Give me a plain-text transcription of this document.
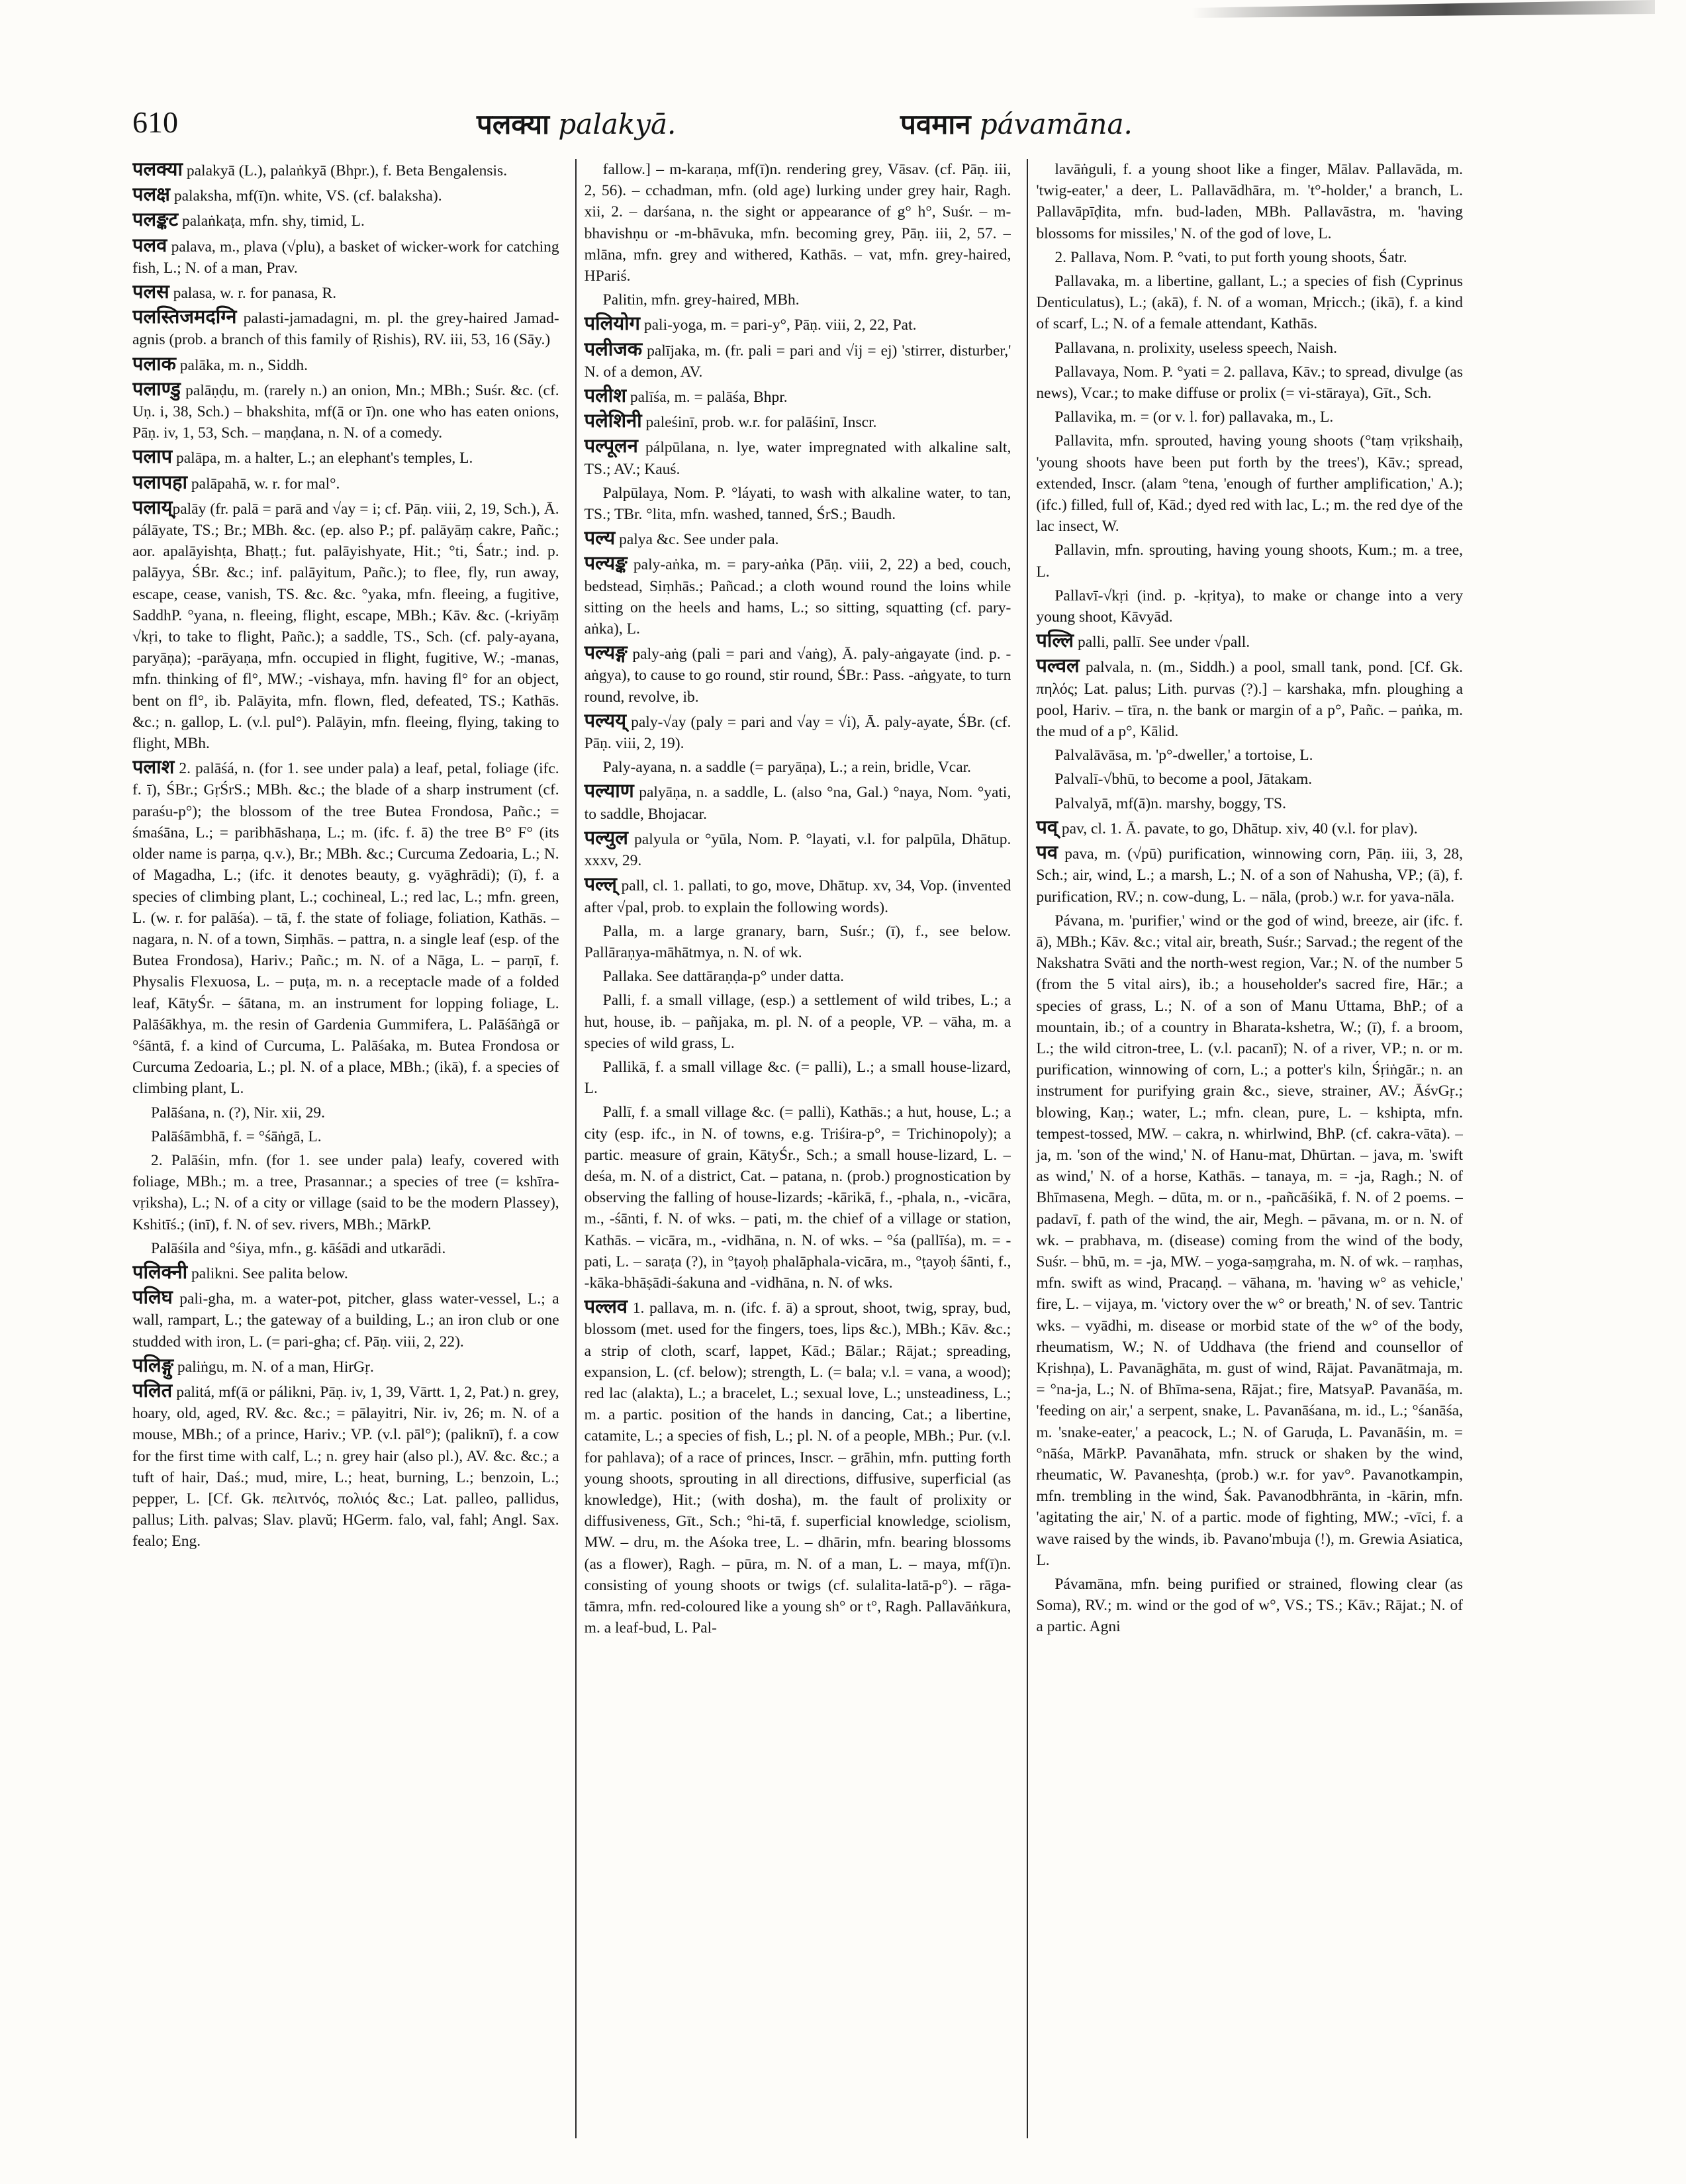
610	पलक्या palakyā.	पवमान pávamāna.

पलक्या palakyā (L.), palaṅkyā (Bhpr.), f. Beta Bengalensis.

पलक्ष palaksha, mf(ī)n. white, VS. (cf. balaksha).

पलङ्कट palaṅkaṭa, mfn. shy, timid, L.

पलव palava, m., plava (√plu), a basket of wicker-work for catching fish, L.; N. of a man, Prav.

पलस palasa, w. r. for panasa, R.

पलस्तिजमदग्नि palasti-jamadagni, m. pl. the grey-haired Jamad-agnis (prob. a branch of this family of Ṛishis), RV. iii, 53, 16 (Sāy.)

पलाक palāka, m. n., Siddh.

पलाण्डु palāṇḍu, m. (rarely n.) an onion, Mn.; MBh.; Suśr. &c. (cf. Uṇ. i, 38, Sch.) – bhakshita, mf(ā or ī)n. one who has eaten onions, Pāṇ. iv, 1, 53, Sch. – maṇḍana, n. N. of a comedy.

पलाप palāpa, m. a halter, L.; an elephant's temples, L.

पलापहा palāpahā, w. r. for mal°.

पलाय्palāy (fr. palā = parā and √ay = i; cf. Pāṇ. viii, 2, 19, Sch.), Ā. pálāyate, TS.; Br.; MBh. &c. (ep. also P.; pf. palāyāṃ cakre, Pañc.; aor. apalāyishṭa, Bhaṭṭ.; fut. palāyishyate, Hit.; °ti, Śatr.; ind. p. palāyya, ŚBr. &c.; inf. palāyitum, Pañc.); to flee, fly, run away, escape, cease, vanish, TS. &c. &c. °yaka, mfn. fleeing, a fugitive, SaddhP. °yana, n. fleeing, flight, escape, MBh.; Kāv. &c. (-kriyāṃ √kṛi, to take to flight, Pañc.); a saddle, TS., Sch. (cf. paly-ayana, paryāṇa); -parāyaṇa, mfn. occupied in flight, fugitive, W.; -manas, mfn. thinking of fl°, MW.; -vishaya, mfn. having fl° for an object, bent on fl°, ib. Palāyita, mfn. flown, fled, defeated, TS.; Kathās. &c.; n. gallop, L. (v.l. pul°). Palāyin, mfn. fleeing, flying, taking to flight, MBh.

पलाश 2. palāśá, n. (for 1. see under pala) a leaf, petal, foliage (ifc. f. ī), ŚBr.; GṛŚrS.; MBh. &c.; the blade of a sharp instrument (cf. paraśu-p°); the blossom of the tree Butea Frondosa, Pañc.; = śmaśāna, L.; = paribhāshaṇa, L.; m. (ifc. f. ā) the tree B° F° (its older name is parṇa, q.v.), Br.; MBh. &c.; Curcuma Zedoaria, L.; N. of Magadha, L.; (ifc. it denotes beauty, g. vyāghrādi); (ī), f. a species of climbing plant, L.; cochineal, L.; red lac, L.; mfn. green, L. (w. r. for palāśa). – tā, f. the state of foliage, foliation, Kathās. – nagara, n. N. of a town, Siṃhās. – pattra, n. a single leaf (esp. of the Butea Frondosa), Hariv.; Pañc.; m. N. of a Nāga, L. – parṇī, f. Physalis Flexuosa, L. – puṭa, m. n. a receptacle made of a folded leaf, KātyŚr. – śātana, m. an instrument for lopping foliage, L. Palāśākhya, m. the resin of Gardenia Gummifera, L. Palāśāṅgā or °śāntā, f. a kind of Curcuma, L. Palāśaka, m. Butea Frondosa or Curcuma Zedoaria, L.; pl. N. of a place, MBh.; (ikā), f. a species of climbing plant, L.

Palāśana, n. (?), Nir. xii, 29.

Palāśāmbhā, f. = °śāṅgā, L.

2. Palāśin, mfn. (for 1. see under pala) leafy, covered with foliage, MBh.; m. a tree, Prasannar.; a species of tree (= kshīra-vṛiksha), L.; N. of a city or village (said to be the modern Plassey), Kshitīś.; (inī), f. N. of sev. rivers, MBh.; MārkP.

Palāśila and °śiya, mfn., g. kāśādi and utkarādi.

पलिक्नी palikni. See palita below.

पलिघ pali-gha, m. a water-pot, pitcher, glass water-vessel, L.; a wall, rampart, L.; the gateway of a building, L.; an iron club or one studded with iron, L. (= pari-gha; cf. Pāṇ. viii, 2, 22).

पलिङ्गु paliṅgu, m. N. of a man, HirGṛ.

पलित palitá, mf(ā or pálikni, Pāṇ. iv, 1, 39, Vārtt. 1, 2, Pat.) n. grey, hoary, old, aged, RV. &c. &c.; = pālayitri, Nir. iv, 26; m. N. of a mouse, MBh.; of a prince, Hariv.; VP. (v.l. pāl°); (paliknī), f. a cow for the first time with calf, L.; n. grey hair (also pl.), AV. &c. &c.; a tuft of hair, Daś.; mud, mire, L.; heat, burning, L.; benzoin, L.; pepper, L. [Cf. Gk. πελιτνός, πολιός &c.; Lat. palleo, pallidus, pallus; Lith. palvas; Slav. plavŭ; HGerm. falo, val, fahl; Angl. Sax. fealo; Eng.

fallow.] – m-karaṇa, mf(ī)n. rendering grey, Vāsav. (cf. Pāṇ. iii, 2, 56). – cchadman, mfn. (old age) lurking under grey hair, Ragh. xii, 2. – darśana, n. the sight or appearance of g° h°, Suśr. – m-bhavishṇu or -m-bhāvuka, mfn. becoming grey, Pāṇ. iii, 2, 57. – mlāna, mfn. grey and withered, Kathās. – vat, mfn. grey-haired, HPariś.

Palitin, mfn. grey-haired, MBh.

पलियोग pali-yoga, m. = pari-y°, Pāṇ. viii, 2, 22, Pat.

पलीजक palījaka, m. (fr. pali = pari and √ij = ej) 'stirrer, disturber,' N. of a demon, AV.

पलीश palīśa, m. = palāśa, Bhpr.

पलेशिनी paleśinī, prob. w.r. for palāśinī, Inscr.

पल्पूलन pálpūlana, n. lye, water impregnated with alkaline salt, TS.; AV.; Kauś.

Palpūlaya, Nom. P. °láyati, to wash with alkaline water, to tan, TS.; TBr. °lita, mfn. washed, tanned, ŚrS.; Baudh.

पल्य palya &c. See under pala.

पल्यङ्क paly-aṅka, m. = pary-aṅka (Pāṇ. viii, 2, 22) a bed, couch, bedstead, Siṃhās.; Pañcad.; a cloth wound round the loins while sitting on the heels and hams, L.; so sitting, squatting (cf. pary-aṅka), L.

पल्यङ्ग paly-aṅg (pali = pari and √aṅg), Ā. paly-aṅgayate (ind. p. -aṅgya), to cause to go round, stir round, ŚBr.: Pass. -aṅgyate, to turn round, revolve, ib.

पल्यय् paly-√ay (paly = pari and √ay = √i), Ā. paly-ayate, ŚBr. (cf. Pāṇ. viii, 2, 19).

Paly-ayana, n. a saddle (= paryāṇa), L.; a rein, bridle, Vcar.

पल्याण palyāṇa, n. a saddle, L. (also °na, Gal.) °naya, Nom. °yati, to saddle, Bhojacar.

पल्युल palyula or °yūla, Nom. P. °layati, v.l. for palpūla, Dhātup. xxxv, 29.

पल्ल् pall, cl. 1. pallati, to go, move, Dhātup. xv, 34, Vop. (invented after √pal, prob. to explain the following words).

Palla, m. a large granary, barn, Suśr.; (ī), f., see below. Pallāraṇya-māhātmya, n. N. of wk.

Pallaka. See dattāraṇḍa-p° under datta.

Palli, f. a small village, (esp.) a settlement of wild tribes, L.; a hut, house, ib. – pañjaka, m. pl. N. of a people, VP. – vāha, m. a species of wild grass, L.

Pallikā, f. a small village &c. (= palli), L.; a small house-lizard, L.

Pallī, f. a small village &c. (= palli), Kathās.; a hut, house, L.; a city (esp. ifc., in N. of towns, e.g. Triśira-p°, = Trichinopoly); a partic. measure of grain, KātyŚr., Sch.; a small house-lizard, L. – deśa, m. N. of a district, Cat. – patana, n. (prob.) prognostication by observing the falling of house-lizards; -kārikā, f., -phala, n., -vicāra, m., -śānti, f. N. of wks. – pati, m. the chief of a village or station, Kathās. – vicāra, m., -vidhāna, n. N. of wks. – °śa (pallīśa), m. = -pati, L. – saraṭa (?), in °ṭayoḥ phalāphala-vicāra, m., °ṭayoḥ śānti, f., -kāka-bhāṣādi-śakuna and -vidhāna, n. N. of wks.

पल्लव 1. pallava, m. n. (ifc. f. ā) a sprout, shoot, twig, spray, bud, blossom (met. used for the fingers, toes, lips &c.), MBh.; Kāv. &c.; a strip of cloth, scarf, lappet, Kād.; Bālar.; Rājat.; spreading, expansion, L. (cf. below); strength, L. (= bala; v.l. = vana, a wood); red lac (alakta), L.; a bracelet, L.; sexual love, L.; unsteadiness, L.; m. a partic. position of the hands in dancing, Cat.; a libertine, catamite, L.; a species of fish, L.; pl. N. of a people, MBh.; Pur. (v.l. for pahlava); of a race of princes, Inscr. – grāhin, mfn. putting forth young shoots, sprouting in all directions, diffusive, superficial (as knowledge), Hit.; (with dosha), m. the fault of prolixity or diffusiveness, Gīt., Sch.; °hi-tā, f. superficial knowledge, sciolism, MW. – dru, m. the Aśoka tree, L. – dhārin, mfn. bearing blossoms (as a flower), Ragh. – pūra, m. N. of a man, L. – maya, mf(ī)n. consisting of young shoots or twigs (cf. sulalita-latā-p°). – rāga-tāmra, mfn. red-coloured like a young sh° or t°, Ragh. Pallavāṅkura, m. a leaf-bud, L. Pal-

lavāṅguli, f. a young shoot like a finger, Mālav. Pallavāda, m. 'twig-eater,' a deer, L. Pallavādhāra, m. 't°-holder,' a branch, L. Pallavāpīḍita, mfn. bud-laden, MBh. Pallavāstra, m. 'having blossoms for missiles,' N. of the god of love, L.

2. Pallava, Nom. P. °vati, to put forth young shoots, Śatr.

Pallavaka, m. a libertine, gallant, L.; a species of fish (Cyprinus Denticulatus), L.; (akā), f. N. of a woman, Mṛicch.; (ikā), f. a kind of scarf, L.; N. of a female attendant, Kathās.

Pallavana, n. prolixity, useless speech, Naish.

Pallavaya, Nom. P. °yati = 2. pallava, Kāv.; to spread, divulge (as news), Vcar.; to make diffuse or prolix (= vi-stāraya), Gīt., Sch.

Pallavika, m. = (or v. l. for) pallavaka, m., L.

Pallavita, mfn. sprouted, having young shoots (°taṃ vṛikshaiḥ, 'young shoots have been put forth by the trees'), Kāv.; spread, extended, Inscr. (alam °tena, 'enough of further amplification,' A.); (ifc.) filled, full of, Kād.; dyed red with lac, L.; m. the red dye of the lac insect, W.

Pallavin, mfn. sprouting, having young shoots, Kum.; m. a tree, L.

Pallavī-√kṛi (ind. p. -kṛitya), to make or change into a very young shoot, Kāvyād.

पल्लि palli, pallī. See under √pall.

पल्वल palvala, n. (m., Siddh.) a pool, small tank, pond. [Cf. Gk. πηλός; Lat. palus; Lith. purvas (?).] – karshaka, mfn. ploughing a pool, Hariv. – tīra, n. the bank or margin of a p°, Pañc. – paṅka, m. the mud of a p°, Kālid.

Palvalāvāsa, m. 'p°-dweller,' a tortoise, L.

Palvalī-√bhū, to become a pool, Jātakam.

Palvalyā, mf(ā)n. marshy, boggy, TS.

पव् pav, cl. 1. Ā. pavate, to go, Dhātup. xiv, 40 (v.l. for plav).

पव pava, m. (√pū) purification, winnowing corn, Pāṇ. iii, 3, 28, Sch.; air, wind, L.; a marsh, L.; N. of a son of Nahusha, VP.; (ā), f. purification, RV.; n. cow-dung, L. – nāla, (prob.) w.r. for yava-nāla.

Pávana, m. 'purifier,' wind or the god of wind, breeze, air (ifc. f. ā), MBh.; Kāv. &c.; vital air, breath, Suśr.; Sarvad.; the regent of the Nakshatra Svāti and the north-west region, Var.; N. of the number 5 (from the 5 vital airs), ib.; a householder's sacred fire, Hār.; a species of grass, L.; N. of a son of Manu Uttama, BhP.; of a mountain, ib.; of a country in Bharata-kshetra, W.; (ī), f. a broom, L.; the wild citron-tree, L. (v.l. pacanī); N. of a river, VP.; n. or m. purification, winnowing of corn, L.; a potter's kiln, Śṛiṅgār.; n. an instrument for purifying grain &c., sieve, strainer, AV.; ĀśvGṛ.; blowing, Kaṇ.; water, L.; mfn. clean, pure, L. – kshipta, mfn. tempest-tossed, MW. – cakra, n. whirlwind, BhP. (cf. cakra-vāta). – ja, m. 'son of the wind,' N. of Hanu-mat, Dhūrtan. – java, m. 'swift as wind,' N. of a horse, Kathās. – tanaya, m. = -ja, Ragh.; N. of Bhīmasena, Megh. – dūta, m. or n., -pañcāśikā, f. N. of 2 poems. – padavī, f. path of the wind, the air, Megh. – pāvana, m. or n. N. of wk. – prabhava, m. (disease) coming from the wind of the body, Suśr. – bhū, m. = -ja, MW. – yoga-saṃgraha, m. N. of wk. – raṃhas, mfn. swift as wind, Pracaṇḍ. – vāhana, m. 'having w° as vehicle,' fire, L. – vijaya, m. 'victory over the w° or breath,' N. of sev. Tantric wks. – vyādhi, m. disease or morbid state of the w° of the body, rheumatism, W.; N. of Uddhava (the friend and counsellor of Kṛishṇa), L. Pavanāghāta, m. gust of wind, Rājat. Pavanātmaja, m. = °na-ja, L.; N. of Bhīma-sena, Rājat.; fire, MatsyaP. Pavanāśa, m. 'feeding on air,' a serpent, snake, L. Pavanāśana, m. id., L.; °śanāśa, m. 'snake-eater,' a peacock, L.; N. of Garuḍa, L. Pavanāśin, m. = °nāśa, MārkP. Pavanāhata, mfn. struck or shaken by the wind, rheumatic, W. Pavaneshṭa, (prob.) w.r. for yav°. Pavanotkampin, mfn. trembling in the wind, Śak. Pavanodbhrānta, in -kārin, mfn. 'agitating the air,' N. of a partic. mode of fighting, MW.; -vīci, f. a wave raised by the winds, ib. Pavano'mbuja (!), m. Grewia Asiatica, L.

Pávamāna, mfn. being purified or strained, flowing clear (as Soma), RV.; m. wind or the god of w°, VS.; TS.; Kāv.; Rājat.; N. of a partic. Agni
